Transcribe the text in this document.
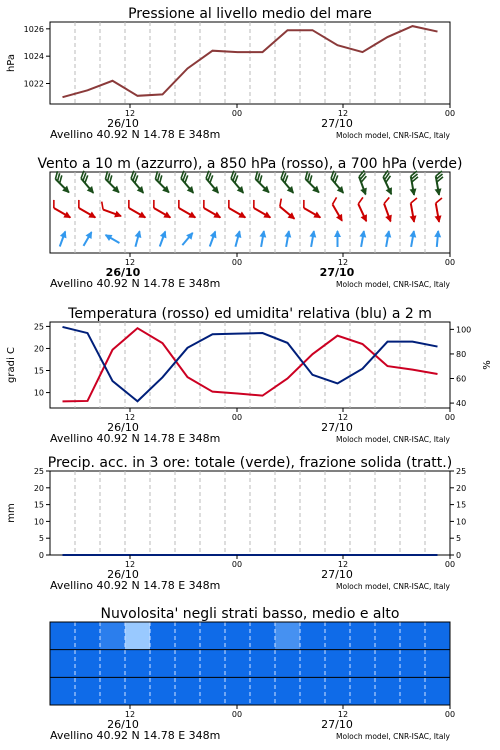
Pressione al livello medio del mare
1022
1024
1026
hPa
12	00	12	00
26/10	27/10
Avellino 40.92 N 14.78 E 348m	Moloch model, CNR-ISAC, Italy
Vento a 10 m (azzurro), a 850 hPa (rosso), a 700 hPa (verde)
12	00	12	00
26/10	27/10
Avellino 40.92 N 14.78 E 348m	Moloch model, CNR-ISAC, Italy
Temperatura (rosso) ed umidita' relativa (blu) a 2 m
10
15
20
25
40
60
80
100
gradi C	%
12	00	12	00
26/10	27/10
Avellino 40.92 N 14.78 E 348m	Moloch model, CNR-ISAC, Italy
Precip. acc. in 3 ore: totale (verde), frazione solida (tratt.)
0
5
10
15
20
25
0
5
10
15
20
25
mm
12	00	12	00
26/10	27/10
Avellino 40.92 N 14.78 E 348m	Moloch model, CNR-ISAC, Italy
Nuvolosita' negli strati basso, medio e alto
12	00	12	00
26/10	27/10
Avellino 40.92 N 14.78 E 348m	Moloch model, CNR-ISAC, Italy
